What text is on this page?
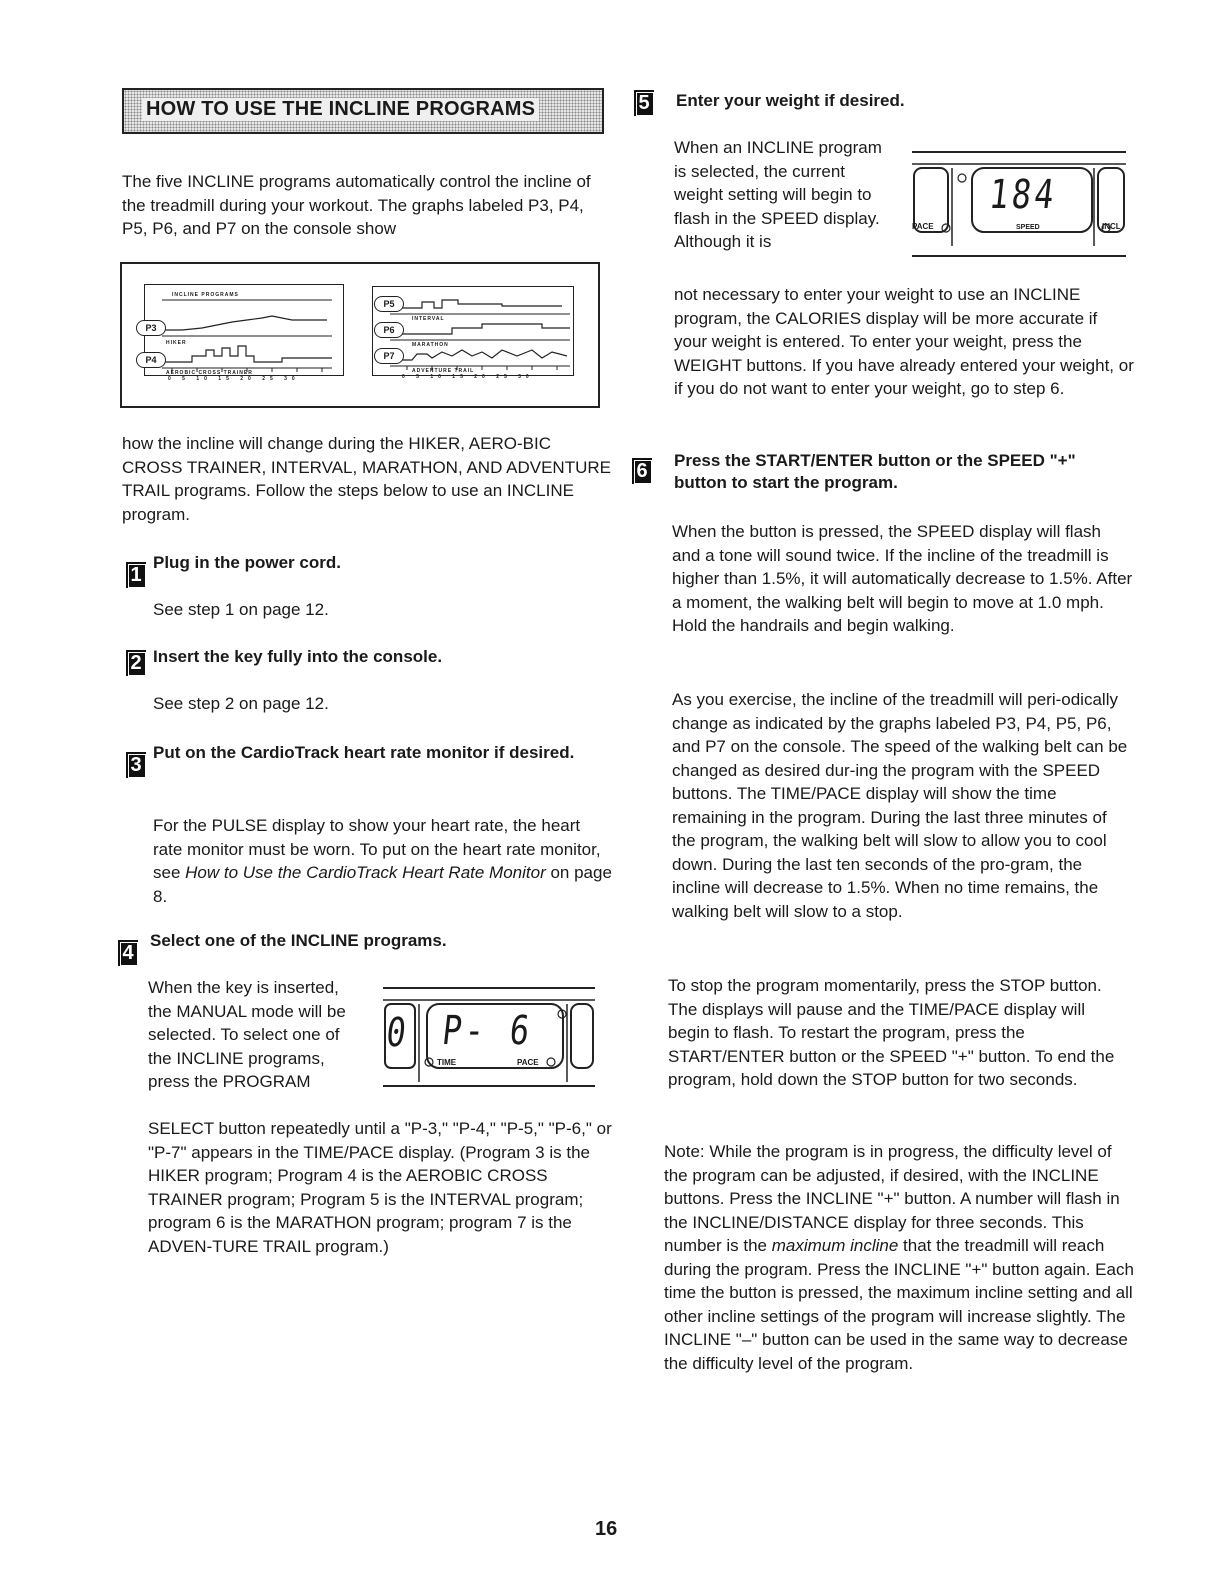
HOW TO USE THE INCLINE PROGRAMS
The five INCLINE programs automatically control the incline of the treadmill during your workout. The graphs labeled P3, P4, P5, P6, and P7 on the console show
INCLINE PROGRAMS
P3
P4
P5
P6
P7
HIKER
AEROBIC CROSS TRAINER
INTERVAL
MARATHON
ADVENTURE TRAIL
0 5 10 15 20 25 30	0 5 10 15 20 25 30
how the incline will change during the HIKER, AERO-BIC CROSS TRAINER, INTERVAL, MARATHON, AND ADVENTURE TRAIL programs. Follow the steps below to use an INCLINE program.
1
Plug in the power cord.
See step 1 on page 12.
2 Insert the key fully into the console.
See step 2 on page 12.
3
Put on the CardioTrack heart rate monitor if desired.
For the PULSE display to show your heart rate, the heart rate monitor must be worn. To put on the heart rate monitor, see How to Use the CardioTrack Heart Rate Monitor on page 8.
4
Select one of the INCLINE programs.
When the key is inserted, the MANUAL mode will be selected. To select one of the INCLINE programs, press the PROGRAM
0 P- 6
TIME	PACE
SELECT button repeatedly until a "P-3," "P-4," "P-5," "P-6," or "P-7" appears in the TIME/PACE display. (Program 3 is the HIKER program; Program 4 is the AEROBIC CROSS TRAINER program; Program 5 is the INTERVAL program; program 6 is the MARATHON program; program 7 is the ADVEN-TURE TRAIL program.)
5 Enter your weight if desired.
When an INCLINE program is selected, the current weight setting will begin to flash in the SPEED display. Although it is
184
PACE	SPEED	INCL
not necessary to enter your weight to use an INCLINE program, the CALORIES display will be more accurate if your weight is entered. To enter your weight, press the WEIGHT buttons. If you have already entered your weight, or if you do not want to enter your weight, go to step 6.
6 Press the START/ENTER button or the SPEED "+" button to start the program.
When the button is pressed, the SPEED display will flash and a tone will sound twice. If the incline of the treadmill is higher than 1.5%, it will automatically decrease to 1.5%. After a moment, the walking belt will begin to move at 1.0 mph. Hold the handrails and begin walking.
As you exercise, the incline of the treadmill will peri-odically change as indicated by the graphs labeled P3, P4, P5, P6, and P7 on the console. The speed of the walking belt can be changed as desired dur-ing the program with the SPEED buttons. The TIME/PACE display will show the time remaining in the program. During the last three minutes of the program, the walking belt will slow to allow you to cool down. During the last ten seconds of the pro-gram, the incline will decrease to 1.5%. When no time remains, the walking belt will slow to a stop.
To stop the program momentarily, press the STOP button. The displays will pause and the TIME/PACE display will begin to flash. To restart the program, press the START/ENTER button or the SPEED "+" button. To end the program, hold down the STOP button for two seconds.
Note: While the program is in progress, the difficulty level of the program can be adjusted, if desired, with the INCLINE buttons. Press the INCLINE "+" button. A number will flash in the INCLINE/DISTANCE display for three seconds. This number is the maximum incline that the treadmill will reach during the program. Press the INCLINE "+" button again. Each time the button is pressed, the maximum incline setting and all other incline settings of the program will increase slightly. The INCLINE "–" button can be used in the same way to decrease the difficulty level of the program.
16
